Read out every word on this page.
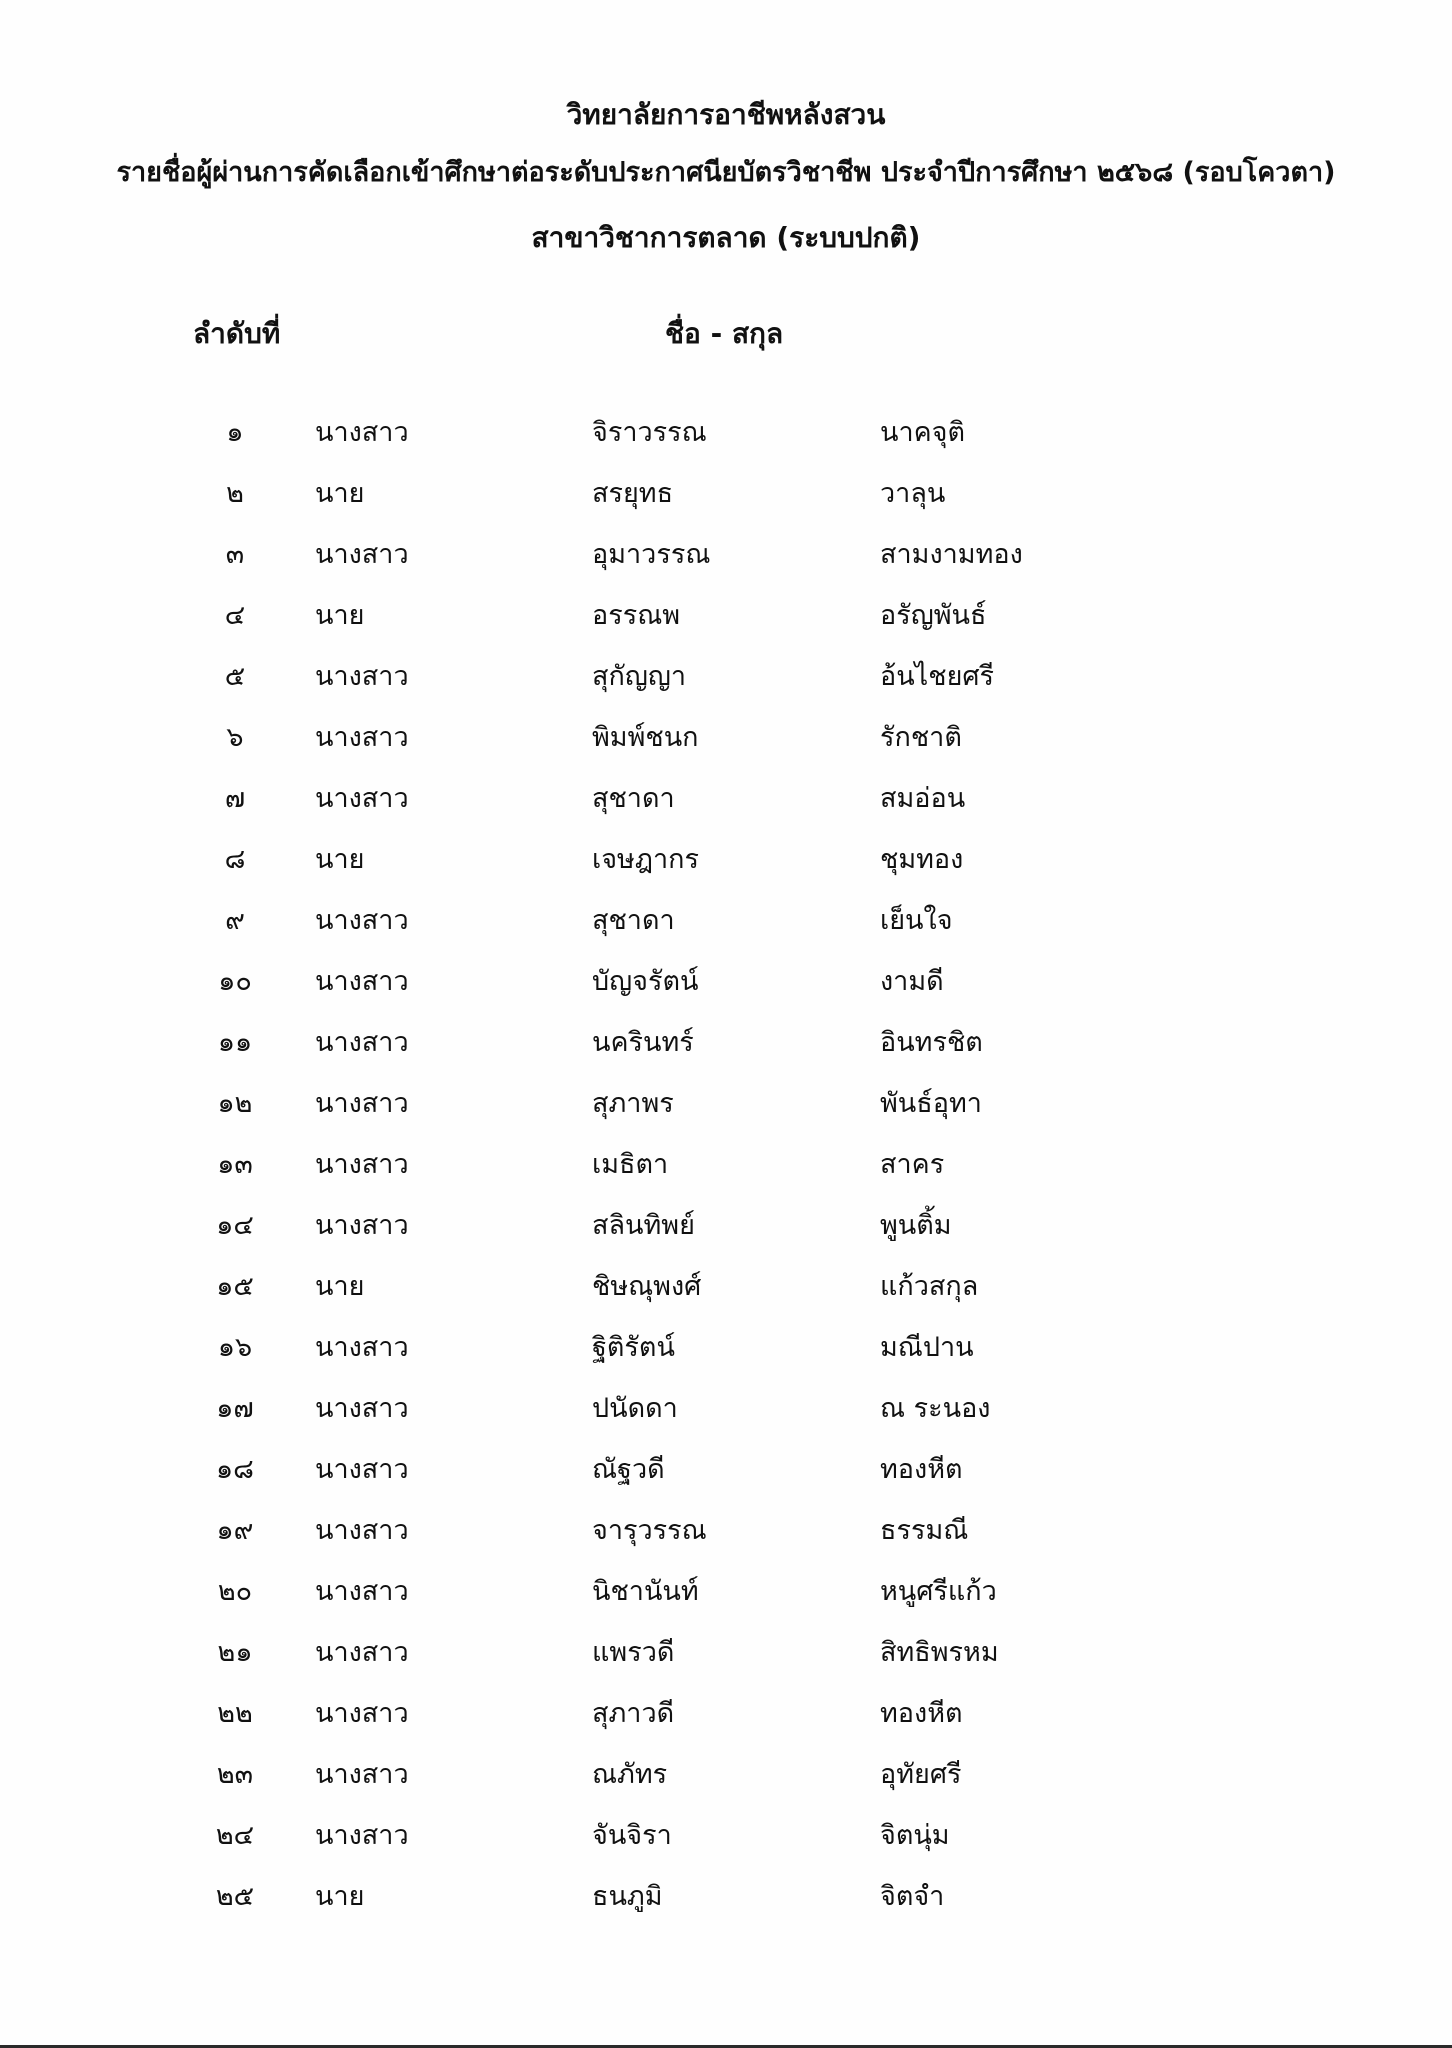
วิทยาลัยการอาชีพหลังสวน
รายชื่อผู้ผ่านการคัดเลือกเข้าศึกษาต่อระดับประกาศนียบัตรวิชาชีพ ประจำปีการศึกษา ๒๕๖๘ (รอบโควตา)
สาขาวิชาการตลาด (ระบบปกติ)
ลำดับที่	ชื่อ - สกุล
๑	นางสาว	จิราวรรณ	นาคจุติ
๒	นาย	สรยุทธ	วาลุน
๓	นางสาว	อุมาวรรณ	สามงามทอง
๔	นาย	อรรณพ	อรัญพันธ์
๕	นางสาว	สุกัญญา	อ้นไชยศรี
๖	นางสาว	พิมพ์ชนก	รักชาติ
๗	นางสาว	สุชาดา	สมอ่อน
๘	นาย	เจษฎากร	ชุมทอง
๙	นางสาว	สุชาดา	เย็นใจ
๑๐	นางสาว	บัญจรัตน์	งามดี
๑๑	นางสาว	นครินทร์	อินทรชิต
๑๒	นางสาว	สุภาพร	พันธ์อุทา
๑๓	นางสาว	เมธิตา	สาคร
๑๔	นางสาว	สลินทิพย์	พูนติ้ม
๑๕	นาย	ชิษณุพงศ์	แก้วสกุล
๑๖	นางสาว	ฐิติรัตน์	มณีปาน
๑๗	นางสาว	ปนัดดา	ณ ระนอง
๑๘	นางสาว	ณัฐวดี	ทองหีต
๑๙	นางสาว	จารุวรรณ	ธรรมณี
๒๐	นางสาว	นิชานันท์	หนูศรีแก้ว
๒๑	นางสาว	แพรวดี	สิทธิพรหม
๒๒	นางสาว	สุภาวดี	ทองหีต
๒๓	นางสาว	ณภัทร	อุทัยศรี
๒๔	นางสาว	จันจิรา	จิตนุ่ม
๒๕	นาย	ธนภูมิ	จิตจำ
